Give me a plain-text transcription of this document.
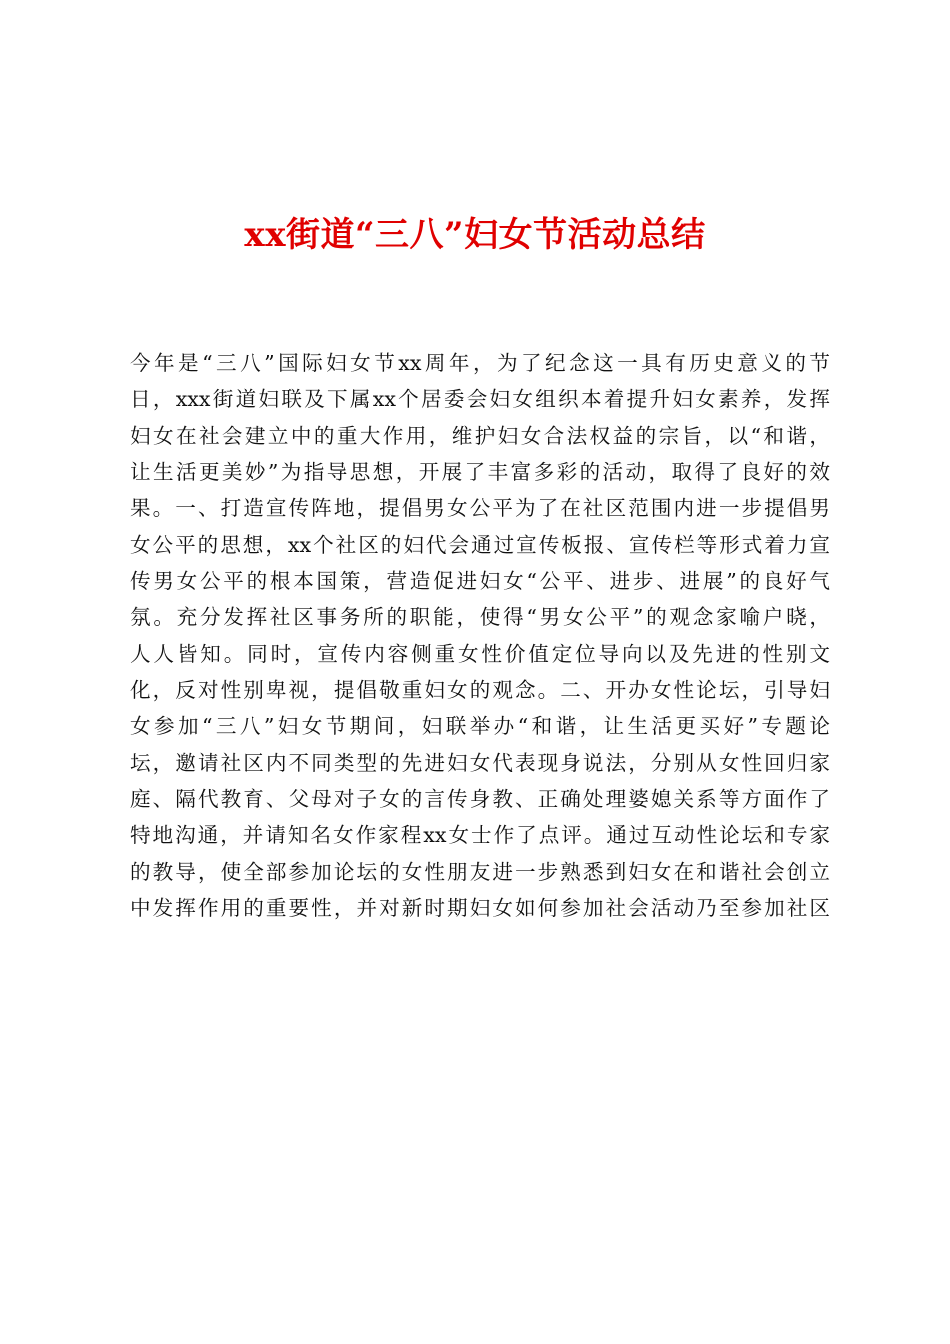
xx街道“三八”妇女节活动总结
今年是“三八”国际妇女节xx周年，为了纪念这一具有历史意义的节
日，xxx街道妇联及下属xx个居委会妇女组织本着提升妇女素养，发挥
妇女在社会建立中的重大作用，维护妇女合法权益的宗旨，以“和谐，
让生活更美妙”为指导思想，开展了丰富多彩的活动，取得了良好的效
果。一、打造宣传阵地，提倡男女公平为了在社区范围内进一步提倡男
女公平的思想，xx个社区的妇代会通过宣传板报、宣传栏等形式着力宣
传男女公平的根本国策，营造促进妇女“公平、进步、进展”的良好气
氛。充分发挥社区事务所的职能，使得“男女公平”的观念家喻户晓，
人人皆知。同时，宣传内容侧重女性价值定位导向以及先进的性别文
化，反对性别卑视，提倡敬重妇女的观念。二、开办女性论坛，引导妇
女参加“三八”妇女节期间，妇联举办“和谐，让生活更买好”专题论
坛，邀请社区内不同类型的先进妇女代表现身说法，分别从女性回归家
庭、隔代教育、父母对子女的言传身教、正确处理婆媳关系等方面作了
特地沟通，并请知名女作家程xx女士作了点评。通过互动性论坛和专家
的教导，使全部参加论坛的女性朋友进一步熟悉到妇女在和谐社会创立
中发挥作用的重要性，并对新时期妇女如何参加社会活动乃至参加社区
